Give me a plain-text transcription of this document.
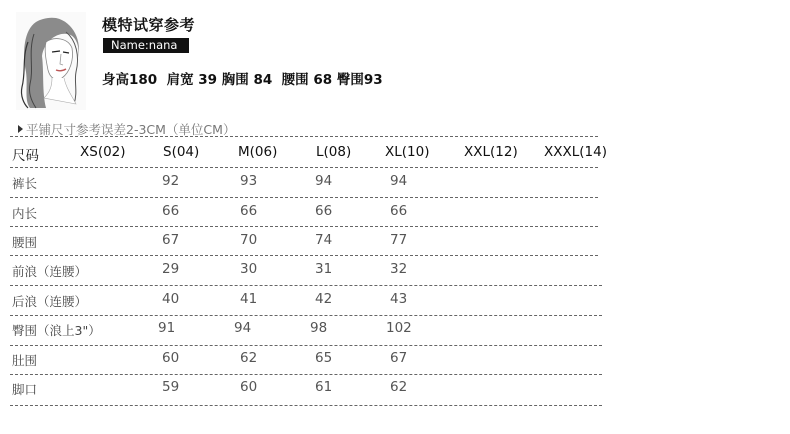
模特试穿参考
Name:nana
身高180  肩宽 39 胸围 84  腰围 68 臀围93
平铺尺寸参考误差2-3CM（单位CM）
尺码	XS(02)	S(04)	M(06)	L(08)	XL(10)	XXL(12) XXXL(14)
裤长	92	93	94	94
内长	66	66	66	66
腰围	67	70	74	77
前浪（连腰）	29	30	31	32
后浪（连腰）	40	41	42	43
臀围（浪上3"）	91	94	98	102
肚围	60	62	65	67
脚口	59	60	61	62
